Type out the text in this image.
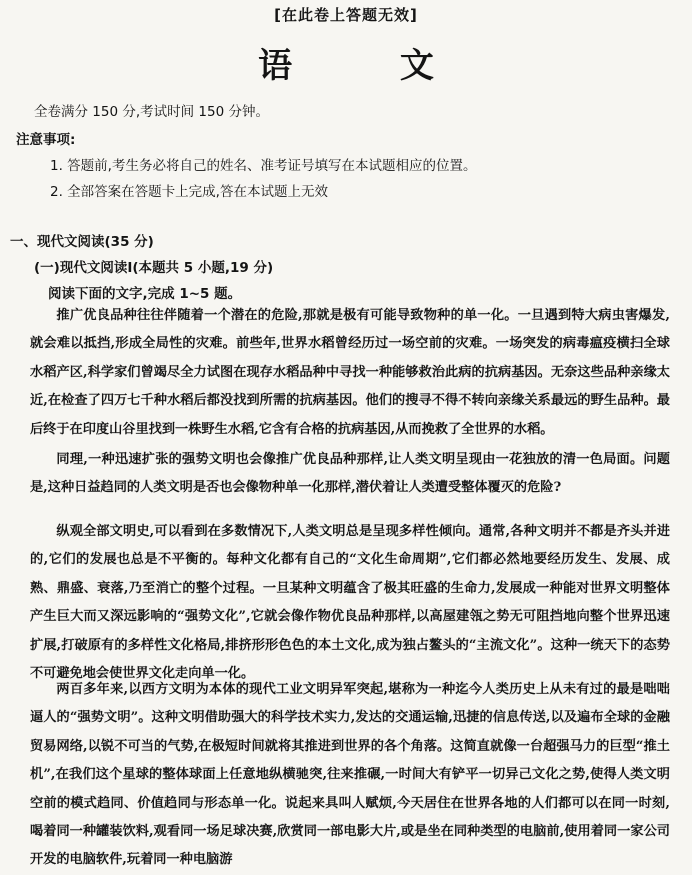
[在此卷上答题无效]
语 文
全卷满分 150 分,考试时间 150 分钟。
注意事项:
1. 答题前,考生务必将自己的姓名、准考证号填写在本试题相应的位置。
2. 全部答案在答题卡上完成,答在本试题上无效
一、现代文阅读(35 分)
(一)现代文阅读Ⅰ(本题共 5 小题,19 分)
阅读下面的文字,完成 1~5 题。
推广优良品种往往伴随着一个潜在的危险,那就是极有可能导致物种的单一化。一旦遇到特大病虫害爆发,就会难以抵挡,形成全局性的灾难。前些年,世界水稻曾经历过一场空前的灾难。一场突发的病毒瘟疫横扫全球水稻产区,科学家们曾竭尽全力试图在现存水稻品种中寻找一种能够救治此病的抗病基因。无奈这些品种亲缘太近,在检查了四万七千种水稻后都没找到所需的抗病基因。他们的搜寻不得不转向亲缘关系最远的野生品种。最后终于在印度山谷里找到一株野生水稻,它含有合格的抗病基因,从而挽救了全世界的水稻。
同理,一种迅速扩张的强势文明也会像推广优良品种那样,让人类文明呈现由一花独放的清一色局面。问题是,这种日益趋同的人类文明是否也会像物种单一化那样,潜伏着让人类遭受整体覆灭的危险?
纵观全部文明史,可以看到在多数情况下,人类文明总是呈现多样性倾向。通常,各种文明并不都是齐头并进的,它们的发展也总是不平衡的。每种文化都有自己的“文化生命周期”,它们都必然地要经历发生、发展、成熟、鼎盛、衰落,乃至消亡的整个过程。一旦某种文明蕴含了极其旺盛的生命力,发展成一种能对世界文明整体产生巨大而又深远影响的“强势文化”,它就会像作物优良品种那样,以高屋建瓴之势无可阻挡地向整个世界迅速扩展,打破原有的多样性文化格局,排挤形形色色的本土文化,成为独占鳌头的“主流文化”。这种一统天下的态势不可避免地会使世界文化走向单一化。
两百多年来,以西方文明为本体的现代工业文明异军突起,堪称为一种迄今人类历史上从未有过的最是咄咄逼人的“强势文明”。这种文明借助强大的科学技术实力,发达的交通运输,迅捷的信息传送,以及遍布全球的金融贸易网络,以锐不可当的气势,在极短时间就将其推进到世界的各个角落。这简直就像一台超强马力的巨型“推土机”,在我们这个星球的整体球面上任意地纵横驰突,往来推碾,一时间大有铲平一切异己文化之势,使得人类文明空前的模式趋同、价值趋同与形态单一化。说起来具叫人赋烦,今天居住在世界各地的人们都可以在同一时刻,喝着同一种罐装饮料,观看同一场足球决赛,欣赏同一部电影大片,或是坐在同种类型的电脑前,使用着同一家公司开发的电脑软件,玩着同一种电脑游
